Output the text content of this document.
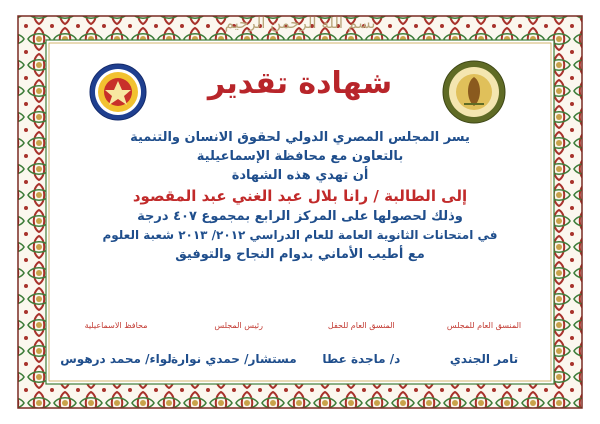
بسم الله الرحمن الرحيم
شهادة تقدير
يسر المجلس المصري الدولي لحقوق الانسان والتنمية
بالتعاون مع محافظة الإسماعيلية
أن تهدي هذه الشهادة
إلى الطالبة / رانا بلال عبد الغني عبد المقصود
وذلك لحصولها على المركز الرابع بمجموع ٤٠٧ درجة
في امتحانات الثانوية العامة للعام الدراسي ٢٠١٢/ ٢٠١٣ شعبة العلوم
مع أطيب الأماني بدوام النجاح والتوفيق
المنسق العام للمجلس
تامر الجندي
المنسق العام للحفل
د/ ماجدة عطا
رئيس المجلس
مستشار/ حمدي نوارة
محافظ الاسماعيلية
لواء/ محمد درهوس
